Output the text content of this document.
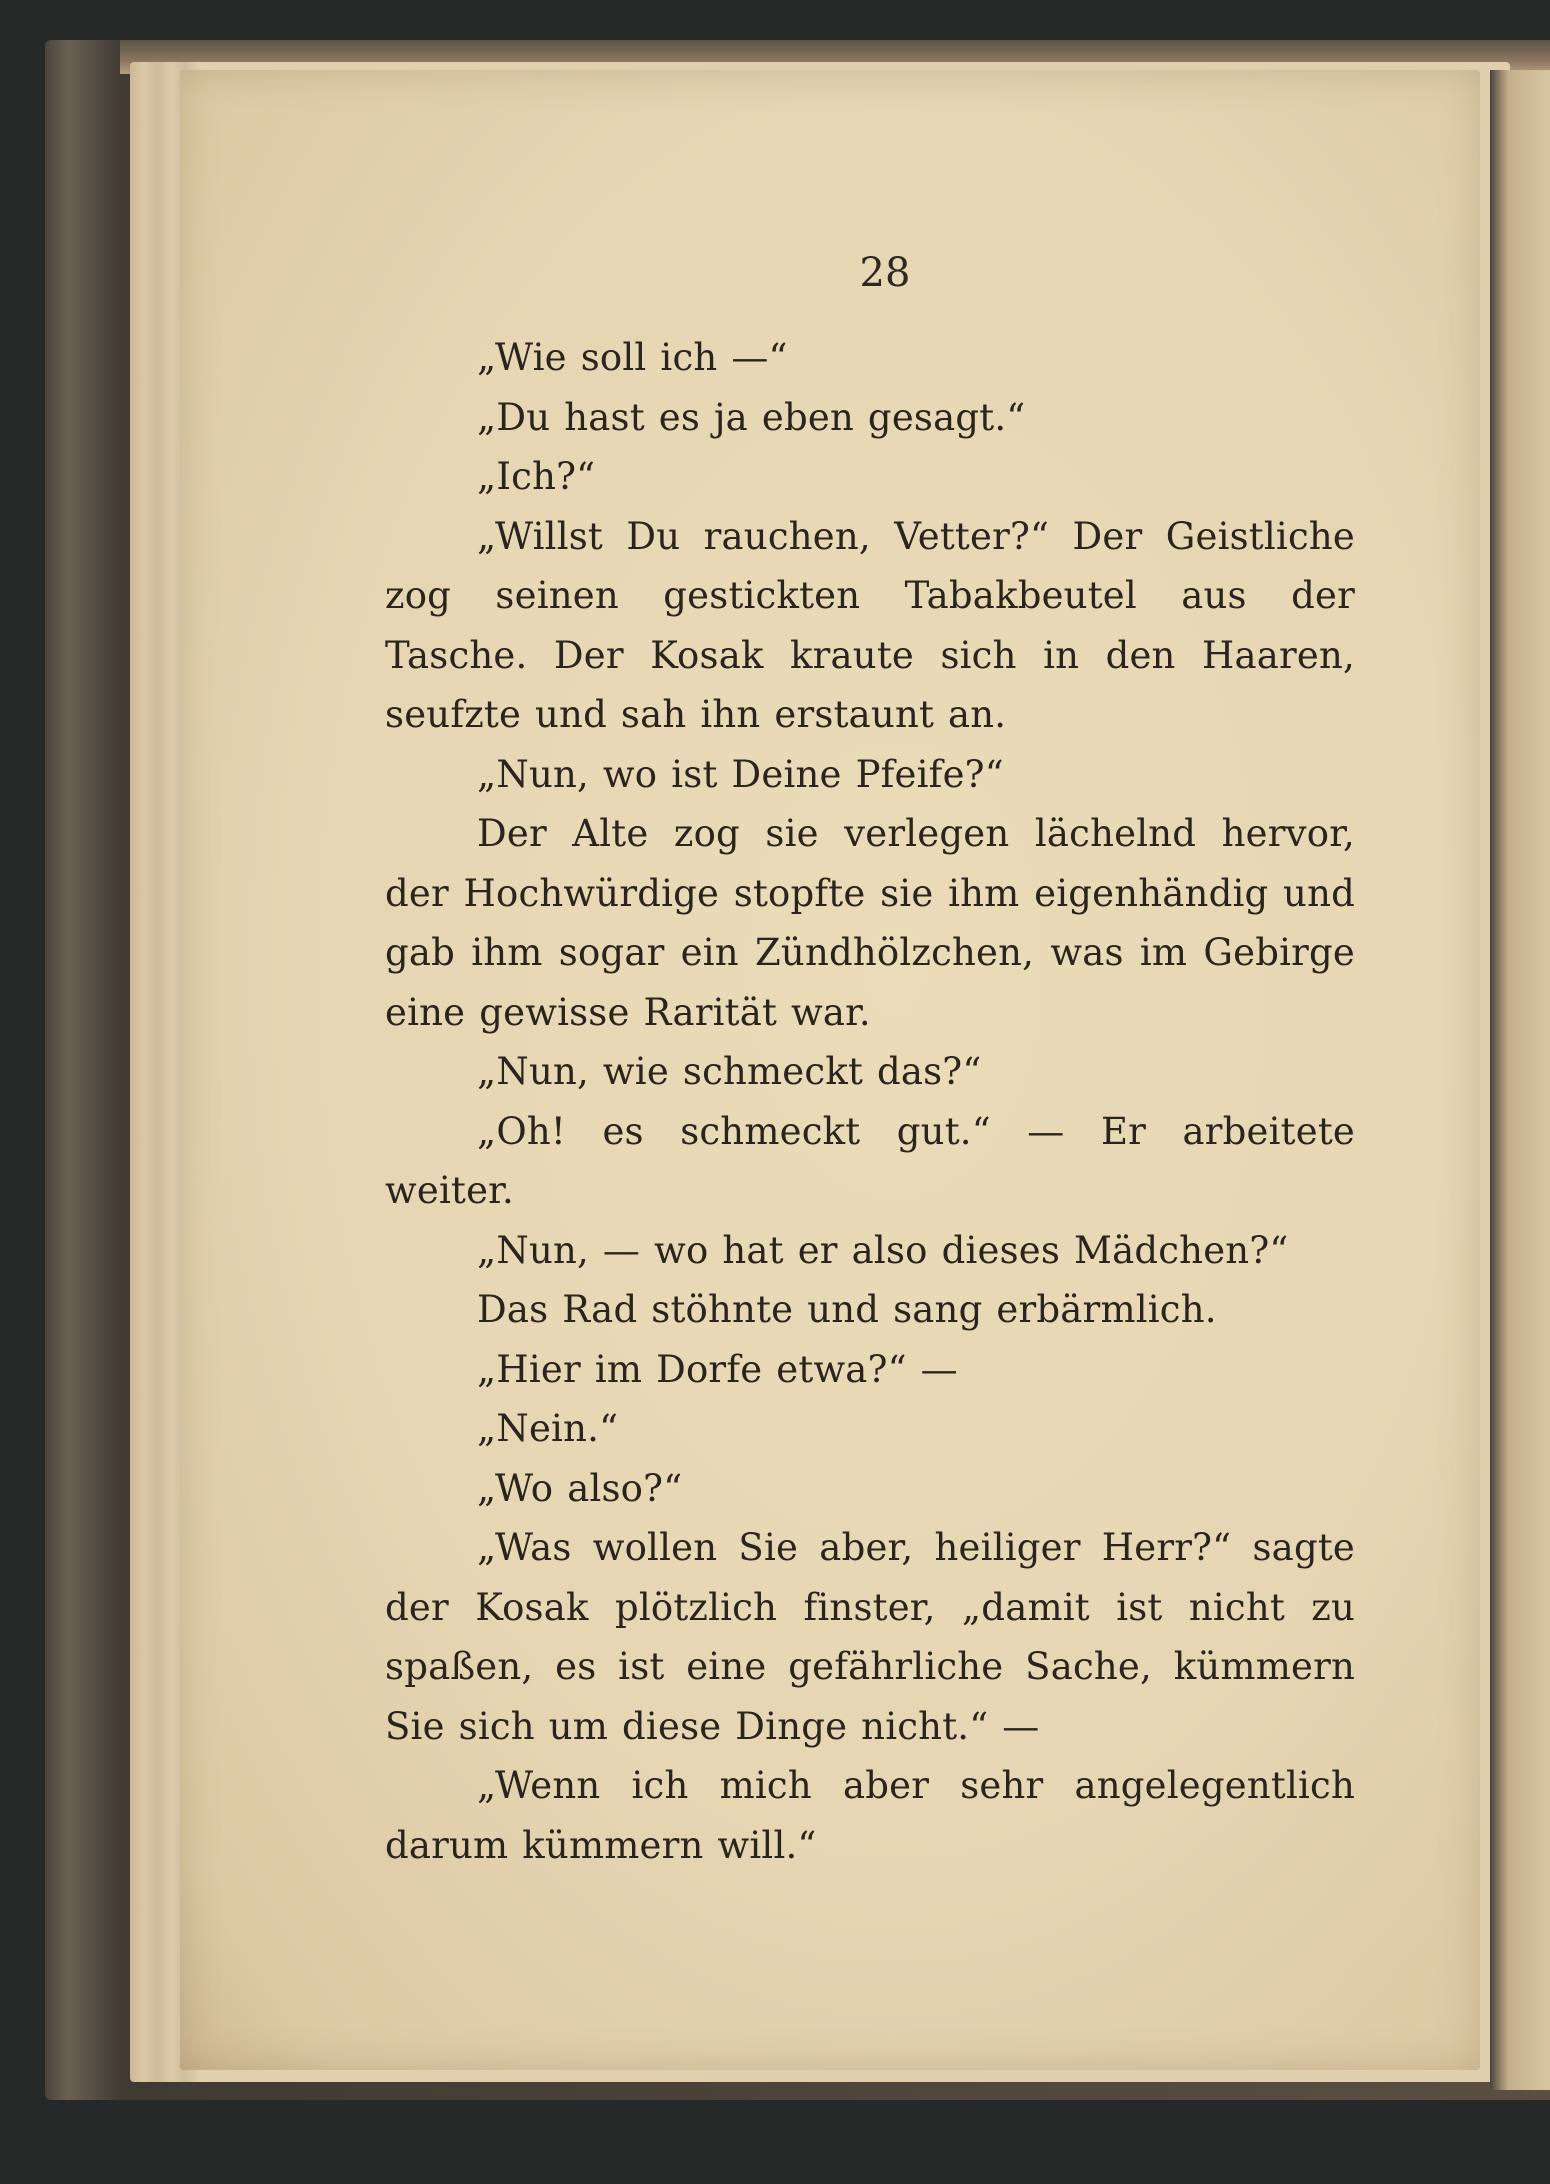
28

„Wie soll ich —“

„Du hast es ja eben gesagt.“

„Ich?“

„Willst Du rauchen, Vetter?“ Der Geistliche zog seinen gestickten Tabakbeutel aus der Tasche. Der Kosak kraute sich in den Haaren, seufzte und sah ihn erstaunt an.

„Nun, wo ist Deine Pfeife?“

Der Alte zog sie verlegen lächelnd hervor, der Hochwürdige stopfte sie ihm eigenhändig und gab ihm sogar ein Zündhölzchen, was im Gebirge eine gewisse Rarität war.

„Nun, wie schmeckt das?“

„Oh! es schmeckt gut.“ — Er arbeitete weiter.

„Nun, — wo hat er also dieses Mädchen?“

Das Rad stöhnte und sang erbärmlich.

„Hier im Dorfe etwa?“ —

„Nein.“

„Wo also?“

„Was wollen Sie aber, heiliger Herr?“ sagte der Kosak plötzlich finster, „damit ist nicht zu spaßen, es ist eine gefährliche Sache, kümmern Sie sich um diese Dinge nicht.“ —

„Wenn ich mich aber sehr angelegentlich darum kümmern will.“
